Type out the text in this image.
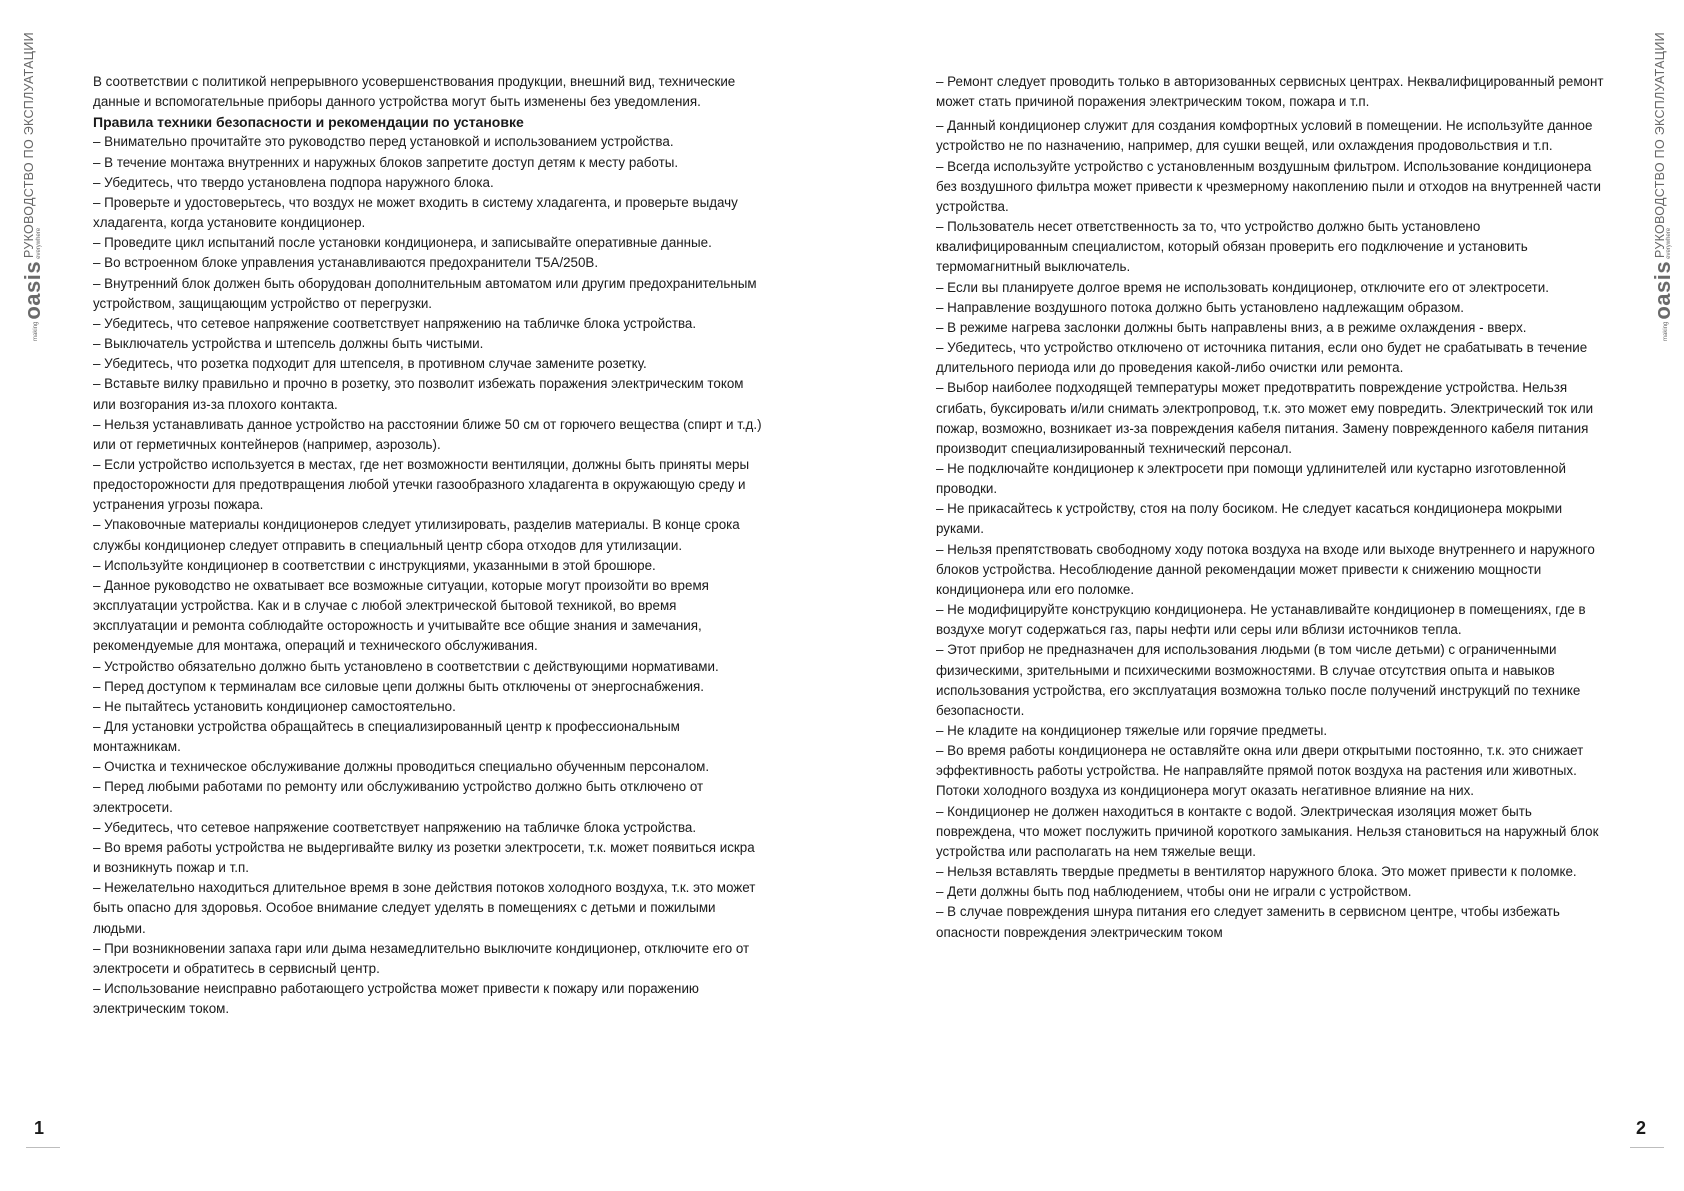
РУКОВОДСТВО ПО ЭКСПЛУАТАЦИИ
making
oasis
everywhere	РУКОВОДСТВО ПО ЭКСПЛУАТАЦИИ
making
oasis
everywhere

В соответствии с политикой непрерывного усовершенствования продукции, внешний вид, технические данные и вспомогательные приборы данного устройства могут быть изменены без уведомления.

Правила техники безопасности и рекомендации по установке

– Внимательно прочитайте это руководство перед установкой и использованием устройства.

– В течение монтажа внутренних и наружных блоков запретите доступ детям к месту работы.

– Убедитесь, что твердо установлена подпора наружного блока.

– Проверьте и удостоверьтесь, что воздух не может входить в систему хладагента, и проверьте выдачу хладагента, когда установите кондиционер.

– Проведите цикл испытаний после установки кондиционера, и записывайте оперативные данные.

– Во встроенном блоке управления устанавливаются предохранители T5A/250B.

– Внутренний блок должен быть оборудован дополнительным автоматом или другим предохранительным устройством, защищающим устройство от перегрузки.

– Убедитесь, что сетевое напряжение соответствует напряжению на табличке блока устройства.

– Выключатель устройства и штепсель должны быть чистыми.

– Убедитесь, что розетка подходит для штепселя, в противном случае замените розетку.

– Вставьте вилку правильно и прочно в розетку, это позволит избежать поражения электрическим током или возгорания из-за плохого контакта.

– Нельзя устанавливать данное устройство на расстоянии ближе 50 см от горючего вещества (спирт и т.д.) или от герметичных контейнеров (например, аэрозоль).

– Если устройство используется в местах, где нет возможности вентиляции, должны быть приняты меры предосторожности для предотвращения любой утечки газообразного хладагента в окружающую среду и устранения угрозы пожара.

– Упаковочные материалы кондиционеров следует утилизировать, разделив материалы. В конце срока службы кондиционер следует отправить в специальный центр сбора отходов для утилизации.

– Используйте кондиционер в соответствии с инструкциями, указанными в этой брошюре.

– Данное руководство не охватывает все возможные ситуации, которые могут произойти во время эксплуатации устройства. Как и в случае с любой электрической бытовой техникой, во время эксплуатации и ремонта соблюдайте осторожность и учитывайте все общие знания и замечания, рекомендуемые для монтажа, операций и технического обслуживания.

– Устройство обязательно должно быть установлено в соответствии с действующими нормативами.

– Перед доступом к терминалам все силовые цепи должны быть отключены от энергоснабжения.

– Не пытайтесь установить кондиционер самостоятельно.

– Для установки устройства обращайтесь в специализированный центр к профессиональным монтажникам.

– Очистка и техническое обслуживание должны проводиться специально обученным персоналом.

– Перед любыми работами по ремонту или обслуживанию устройство должно быть отключено от электросети.

– Убедитесь, что сетевое напряжение соответствует напряжению на табличке блока устройства.

– Во время работы устройства не выдергивайте вилку из розетки электросети, т.к. может появиться искра и возникнуть пожар и т.п.

– Нежелательно находиться длительное время в зоне действия потоков холодного воздуха, т.к. это может быть опасно для здоровья. Особое внимание следует уделять в помещениях с детьми и пожилыми людьми.

– При возникновении запаха гари или дыма незамедлительно выключите кондиционер, отключите его от электросети и обратитесь в сервисный центр.

– Использование неисправно работающего устройства может привести к пожару или поражению электрическим током.

– Ремонт следует проводить только в авторизованных сервисных центрах. Неквалифицированный ремонт может стать причиной поражения электрическим током, пожара и т.п.

– Данный кондиционер служит для создания комфортных условий в помещении. Не используйте данное устройство не по назначению, например, для сушки вещей, или охлаждения продовольствия и т.п.

– Всегда используйте устройство с установленным воздушным фильтром. Использование кондиционера без воздушного фильтра может привести к чрезмерному накоплению пыли и отходов на внутренней части устройства.

– Пользователь несет ответственность за то, что устройство должно быть установлено квалифицированным специалистом, который обязан проверить его подключение и установить термомагнитный выключатель.

– Если вы планируете долгое время не использовать кондиционер, отключите его от электросети.

– Направление воздушного потока должно быть установлено надлежащим образом.

– В режиме нагрева заслонки должны быть направлены вниз, а в режиме охлаждения - вверх.

– Убедитесь, что устройство отключено от источника питания, если оно будет не срабатывать в течение длительного периода или до проведения какой-либо очистки или ремонта.

– Выбор наиболее подходящей температуры может предотвратить повреждение устройства. Нельзя сгибать, буксировать и/или снимать электропровод, т.к. это может ему повредить. Электрический ток или пожар, возможно, возникает из-за повреждения кабеля питания. Замену поврежденного кабеля питания производит специализированный технический персонал.

– Не подключайте кондиционер к электросети при помощи удлинителей или кустарно изготовленной проводки.

– Не прикасайтесь к устройству, стоя на полу босиком. Не следует касаться кондиционера мокрыми руками.

– Нельзя препятствовать свободному ходу потока воздуха на входе или выходе внутреннего и наружного блоков устройства. Несоблюдение данной рекомендации может привести к снижению мощности кондиционера или его поломке.

– Не модифицируйте конструкцию кондиционера. Не устанавливайте кондиционер в помещениях, где в воздухе могут содержаться газ, пары нефти или серы или вблизи источников тепла.

– Этот прибор не предназначен для использования людьми (в том числе детьми) с ограниченными физическими, зрительными и психическими возможностями. В случае отсутствия опыта и навыков использования устройства, его эксплуатация возможна только после получений инструкций по технике безопасности.

– Не кладите на кондиционер тяжелые или горячие предметы.

– Во время работы кондиционера не оставляйте окна или двери открытыми постоянно, т.к. это снижает эффективность работы устройства. Не направляйте прямой поток воздуха на растения или животных. Потоки холодного воздуха из кондиционера могут оказать негативное влияние на них.

– Кондиционер не должен находиться в контакте с водой. Электрическая изоляция может быть повреждена, что может послужить причиной короткого замыкания. Нельзя становиться на наружный блок устройства или располагать на нем тяжелые вещи.

– Нельзя вставлять твердые предметы в вентилятор наружного блока. Это может привести к поломке.

– Дети должны быть под наблюдением, чтобы они не играли с устройством.

– В случае повреждения шнура питания его следует заменить в сервисном центре, чтобы избежать опасности повреждения электрическим током

1	2
